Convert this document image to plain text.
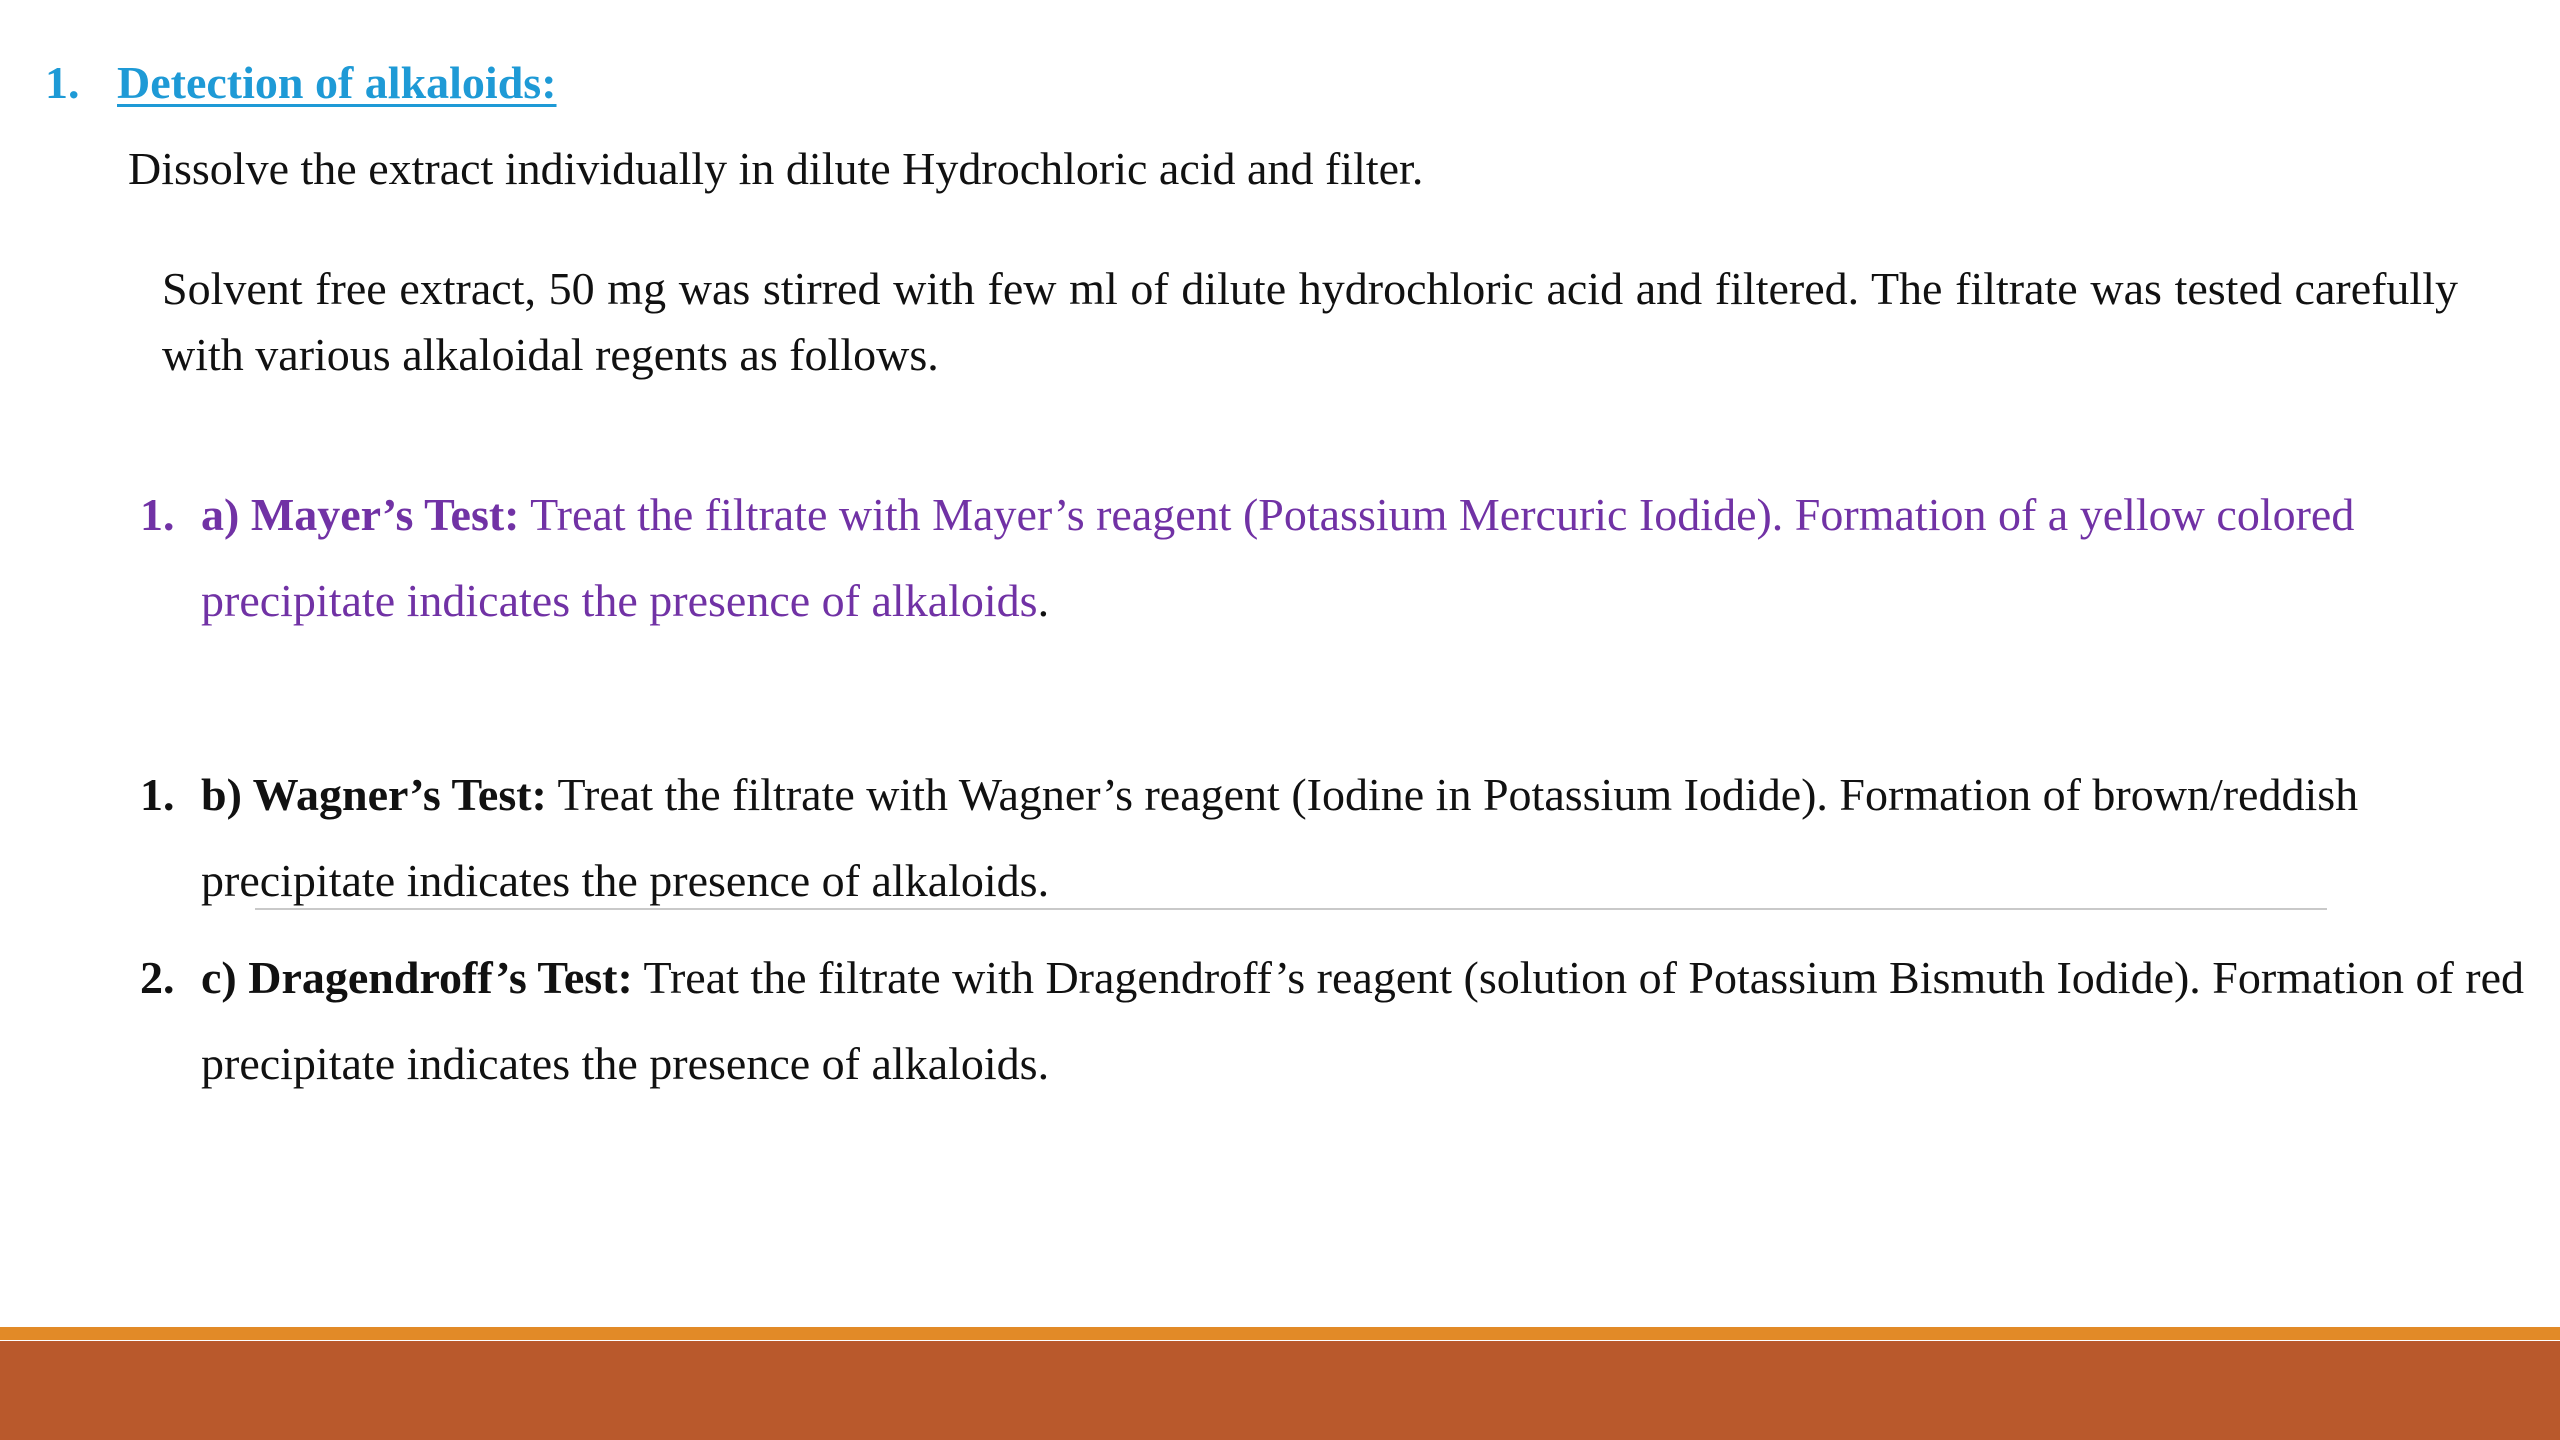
1. Detection of alkaloids:
Dissolve the extract individually in dilute Hydrochloric acid and filter.
Solvent free extract, 50 mg was stirred with few ml of dilute hydrochloric acid and filtered. The filtrate was tested carefully with various alkaloidal regents as follows.
1. a) Mayer’s Test: Treat the filtrate with Mayer’s reagent (Potassium Mercuric Iodide). Formation of a yellow colored precipitate indicates the presence of alkaloids.
1. b) Wagner’s Test: Treat the filtrate with Wagner’s reagent (Iodine in Potassium Iodide). Formation of brown/reddish precipitate indicates the presence of alkaloids.
2. c) Dragendroff’s Test: Treat the filtrate with Dragendroff’s reagent (solution of Potassium Bismuth Iodide). Formation of red precipitate indicates the presence of alkaloids.
